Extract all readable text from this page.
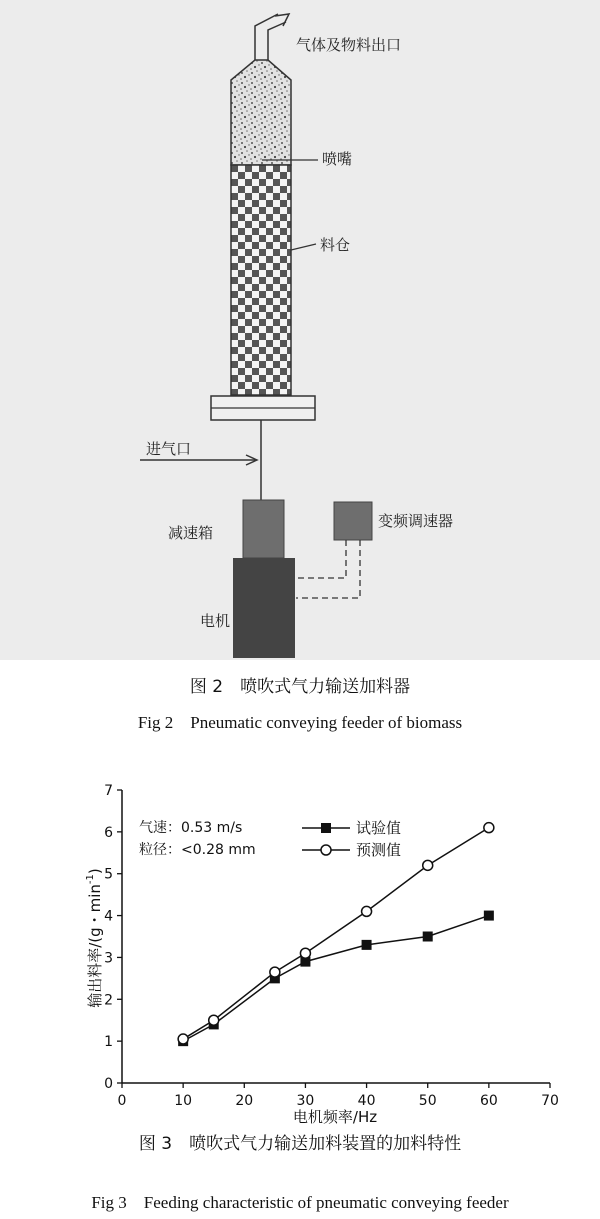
气体及物料出口
喷嘴
料仓
进气口
减速箱
电机
变频调速器
图 2　喷吹式气力输送加料器
Fig 2　Pneumatic conveying feeder of biomass
0	10	20	30	40	50	60	70
0
1
2
3
4
5
6
7
气速：0.53 m/s
粒径：<0.28 mm
试验值
预测值
电机频率/Hz
输出料率/(g・$\min^{-1}$)
图 3　喷吹式气力输送加料装置的加料特性
Fig 3　Feeding characteristic of pneumatic conveying feeder
